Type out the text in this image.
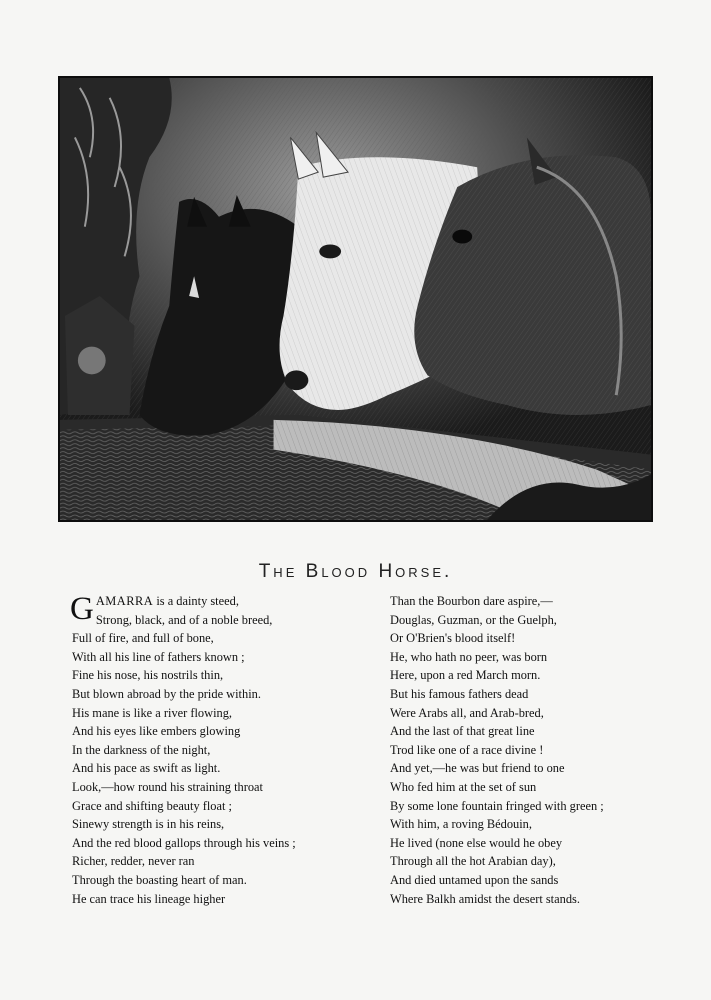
The Blood Horse.
GAMARRA is a dainty steed,
Strong, black, and of a noble breed,
Full of fire, and full of bone,
With all his line of fathers known ;
Fine his nose, his nostrils thin,
But blown abroad by the pride within.
His mane is like a river flowing,
And his eyes like embers glowing
In the darkness of the night,
And his pace as swift as light.
Look,—how round his straining throat
Grace and shifting beauty float ;
Sinewy strength is in his reins,
And the red blood gallops through his veins ;
Richer, redder, never ran
Through the boasting heart of man.
He can trace his lineage higher
Than the Bourbon dare aspire,—
Douglas, Guzman, or the Guelph,
Or O'Brien's blood itself!
He, who hath no peer, was born
Here, upon a red March morn.
But his famous fathers dead
Were Arabs all, and Arab-bred,
And the last of that great line
Trod like one of a race divine !
And yet,—he was but friend to one
Who fed him at the set of sun
By some lone fountain fringed with green ;
With him, a roving Bédouin,
He lived (none else would he obey
Through all the hot Arabian day),
And died untamed upon the sands
Where Balkh amidst the desert stands.
